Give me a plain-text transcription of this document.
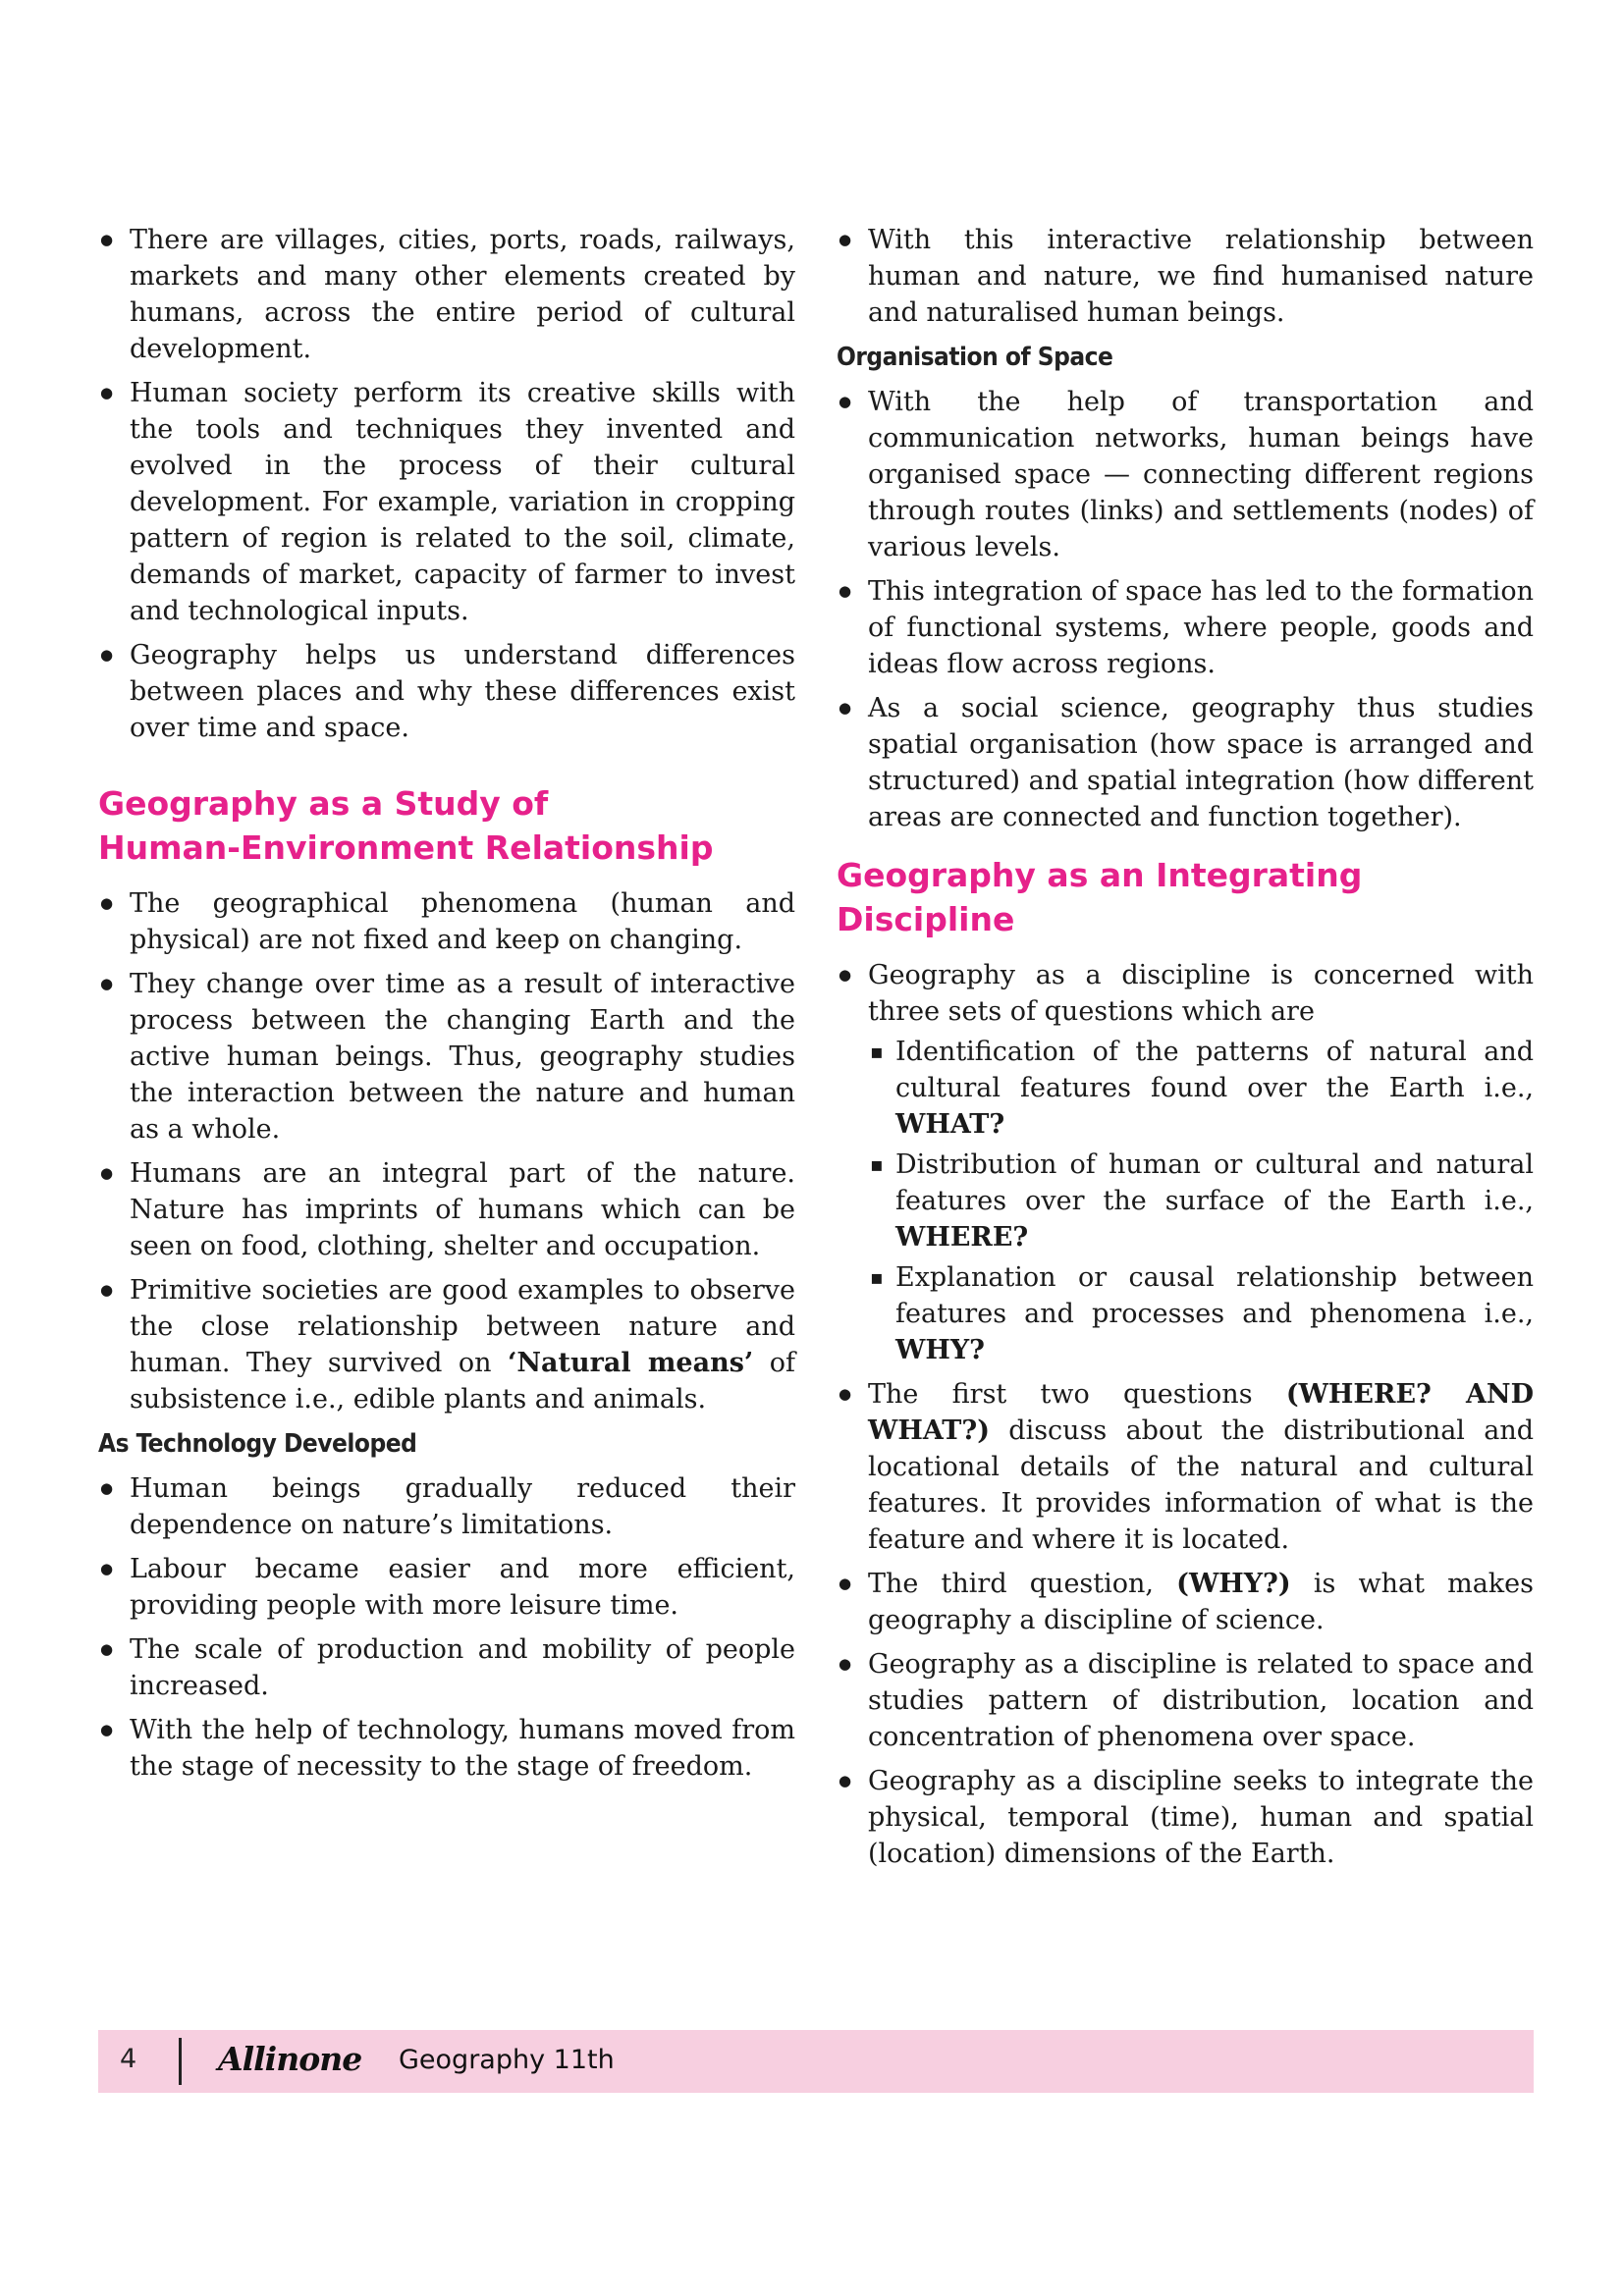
● There are villages, cities, ports, roads, railways, markets and many other elements created by humans, across the entire period of cultural development.
● Human society perform its creative skills with the tools and techniques they invented and evolved in the process of their cultural development. For example, variation in cropping pattern of region is related to the soil, climate, demands of market, capacity of farmer to invest and technological inputs.
● Geography helps us understand differences between places and why these differences exist over time and space.
Geography as a Study of
Human-Environment Relationship
● The geographical phenomena (human and physical) are not fixed and keep on changing.
● They change over time as a result of interactive process between the changing Earth and the active human beings. Thus, geography studies the interaction between the nature and human as a whole.
● Humans are an integral part of the nature. Nature has imprints of humans which can be seen on food, clothing, shelter and occupation.
● Primitive societies are good examples to observe the close relationship between nature and human. They survived on ‘Natural means’ of subsistence i.e., edible plants and animals.
As Technology Developed
● Human beings gradually reduced their dependence on nature’s limitations.
● Labour became easier and more efficient, providing people with more leisure time.
● The scale of production and mobility of people increased.
● With the help of technology, humans moved from the stage of necessity to the stage of freedom.
● With this interactive relationship between human and nature, we find humanised nature and naturalised human beings.
Organisation of Space
● With the help of transportation and communication networks, human beings have organised space — connecting different regions through routes (links) and settlements (nodes) of various levels.
● This integration of space has led to the formation of functional systems, where people, goods and ideas flow across regions.
● As a social science, geography thus studies spatial organisation (how space is arranged and structured) and spatial integration (how different areas are connected and function together).
Geography as an Integrating Discipline
● Geography as a discipline is concerned with three sets of questions which are
▪ Identification of the patterns of natural and cultural features found over the Earth i.e., WHAT?
▪ Distribution of human or cultural and natural features over the surface of the Earth i.e., WHERE?
▪ Explanation or causal relationship between features and processes and phenomena i.e., WHY?
● The first two questions (WHERE? AND WHAT?) discuss about the distributional and locational details of the natural and cultural features. It provides information of what is the feature and where it is located.
● The third question, (WHY?) is what makes geography a discipline of science.
● Geography as a discipline is related to space and studies pattern of distribution, location and concentration of phenomena over space.
● Geography as a discipline seeks to integrate the physical, temporal (time), human and spatial (location) dimensions of the Earth.
4	Allinone Geography 11th
